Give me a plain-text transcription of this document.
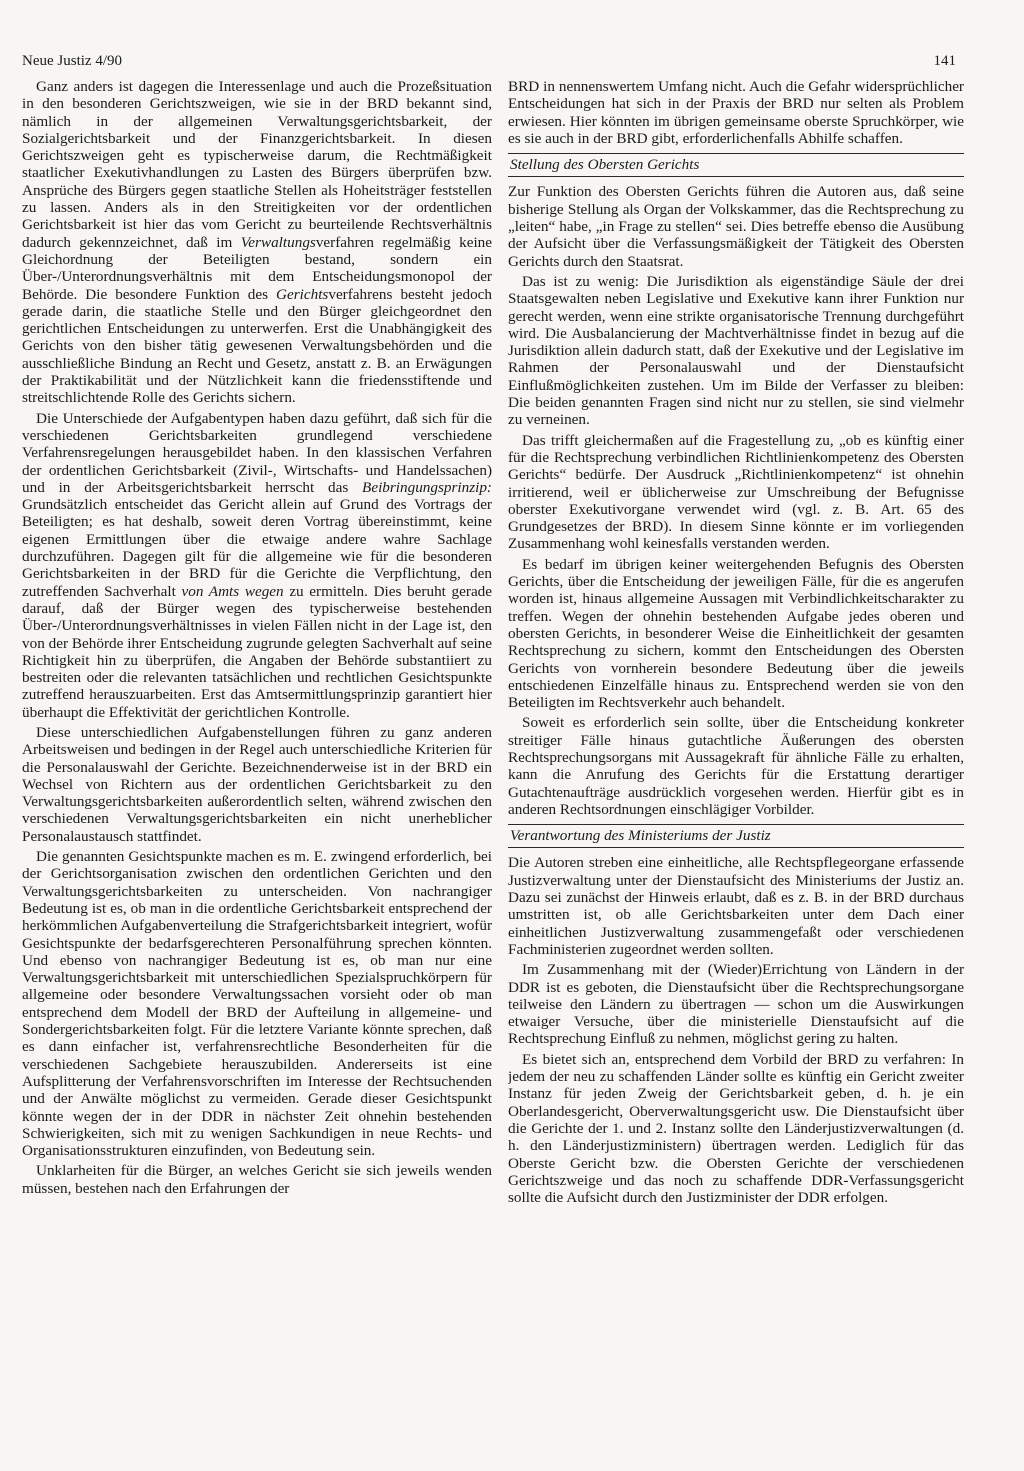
Neue Justiz 4/90	141

Ganz anders ist dagegen die Interessenlage und auch die Prozeßsituation in den besonderen Gerichtszweigen, wie sie in der BRD bekannt sind, nämlich in der allgemeinen Verwaltungsgerichtsbarkeit, der Sozialgerichtsbarkeit und der Finanzgerichtsbarkeit. In diesen Gerichtszweigen geht es typischerweise darum, die Rechtmäßigkeit staatlicher Exekutivhandlungen zu Lasten des Bürgers überprüfen bzw. Ansprüche des Bürgers gegen staatliche Stellen als Hoheitsträger feststellen zu lassen. Anders als in den Streitigkeiten vor der ordentlichen Gerichtsbarkeit ist hier das vom Gericht zu beurteilende Rechtsverhältnis dadurch gekennzeichnet, daß im Verwaltungsverfahren regelmäßig keine Gleichordnung der Beteiligten bestand, sondern ein Über-/Unterordnungsverhältnis mit dem Entscheidungsmonopol der Behörde. Die besondere Funktion des Gerichtsverfahrens besteht jedoch gerade darin, die staatliche Stelle und den Bürger gleichgeordnet den gerichtlichen Entscheidungen zu unterwerfen. Erst die Unabhängigkeit des Gerichts von den bisher tätig gewesenen Verwaltungsbehörden und die ausschließliche Bindung an Recht und Gesetz, anstatt z. B. an Erwägungen der Praktikabilität und der Nützlichkeit kann die friedensstiftende und streitschlichtende Rolle des Gerichts sichern.

Die Unterschiede der Aufgabentypen haben dazu geführt, daß sich für die verschiedenen Gerichtsbarkeiten grundlegend verschiedene Verfahrensregelungen herausgebildet haben. In den klassischen Verfahren der ordentlichen Gerichtsbarkeit (Zivil-, Wirtschafts- und Handelssachen) und in der Arbeitsgerichtsbarkeit herrscht das Beibringungsprinzip: Grundsätzlich entscheidet das Gericht allein auf Grund des Vortrags der Beteiligten; es hat deshalb, soweit deren Vortrag übereinstimmt, keine eigenen Ermittlungen über die etwaige andere wahre Sachlage durchzuführen. Dagegen gilt für die allgemeine wie für die besonderen Gerichtsbarkeiten in der BRD für die Gerichte die Verpflichtung, den zutreffenden Sachverhalt von Amts wegen zu ermitteln. Dies beruht gerade darauf, daß der Bürger wegen des typischerweise bestehenden Über-/Unterordnungsverhältnisses in vielen Fällen nicht in der Lage ist, den von der Behörde ihrer Entscheidung zugrunde gelegten Sachverhalt auf seine Richtigkeit hin zu überprüfen, die Angaben der Behörde substantiiert zu bestreiten oder die relevanten tatsächlichen und rechtlichen Gesichtspunkte zutreffend herauszuarbeiten. Erst das Amtsermittlungsprinzip garantiert hier überhaupt die Effektivität der gerichtlichen Kontrolle.

Diese unterschiedlichen Aufgabenstellungen führen zu ganz anderen Arbeitsweisen und bedingen in der Regel auch unterschiedliche Kriterien für die Personalauswahl der Gerichte. Bezeichnenderweise ist in der BRD ein Wechsel von Richtern aus der ordentlichen Gerichtsbarkeit zu den Verwaltungsgerichtsbarkeiten außerordentlich selten, während zwischen den verschiedenen Verwaltungsgerichtsbarkeiten ein nicht unerheblicher Personalaustausch stattfindet.

Die genannten Gesichtspunkte machen es m. E. zwingend erforderlich, bei der Gerichtsorganisation zwischen den ordentlichen Gerichten und den Verwaltungsgerichtsbarkeiten zu unterscheiden. Von nachrangiger Bedeutung ist es, ob man in die ordentliche Gerichtsbarkeit entsprechend der herkömmlichen Aufgabenverteilung die Strafgerichtsbarkeit integriert, wofür Gesichtspunkte der bedarfsgerechteren Personalführung sprechen könnten. Und ebenso von nachrangiger Bedeutung ist es, ob man nur eine Verwaltungsgerichtsbarkeit mit unterschiedlichen Spezialspruchkörpern für allgemeine oder besondere Verwaltungssachen vorsieht oder ob man entsprechend dem Modell der BRD der Aufteilung in allgemeine- und Sondergerichtsbarkeiten folgt. Für die letztere Variante könnte sprechen, daß es dann einfacher ist, verfahrensrechtliche Besonderheiten für die verschiedenen Sachgebiete herauszubilden. Andererseits ist eine Aufsplitterung der Verfahrensvorschriften im Interesse der Rechtsuchenden und der Anwälte möglichst zu vermeiden. Gerade dieser Gesichtspunkt könnte wegen der in der DDR in nächster Zeit ohnehin bestehenden Schwierigkeiten, sich mit zu wenigen Sachkundigen in neue Rechts- und Organisationsstrukturen einzufinden, von Bedeutung sein.

Unklarheiten für die Bürger, an welches Gericht sie sich jeweils wenden müssen, bestehen nach den Erfahrungen der

BRD in nennenswertem Umfang nicht. Auch die Gefahr widersprüchlicher Entscheidungen hat sich in der Praxis der BRD nur selten als Problem erwiesen. Hier könnten im übrigen gemeinsame oberste Spruchkörper, wie es sie auch in der BRD gibt, erforderlichenfalls Abhilfe schaffen.

Stellung des Obersten Gerichts

Zur Funktion des Obersten Gerichts führen die Autoren aus, daß seine bisherige Stellung als Organ der Volkskammer, das die Rechtsprechung zu „leiten“ habe, „in Frage zu stellen“ sei. Dies betreffe ebenso die Ausübung der Aufsicht über die Verfassungsmäßigkeit der Tätigkeit des Obersten Gerichts durch den Staatsrat.

Das ist zu wenig: Die Jurisdiktion als eigenständige Säule der drei Staatsgewalten neben Legislative und Exekutive kann ihrer Funktion nur gerecht werden, wenn eine strikte organisatorische Trennung durchgeführt wird. Die Ausbalancierung der Machtverhältnisse findet in bezug auf die Jurisdiktion allein dadurch statt, daß der Exekutive und der Legislative im Rahmen der Personalauswahl und der Dienstaufsicht Einflußmöglichkeiten zustehen. Um im Bilde der Verfasser zu bleiben: Die beiden genannten Fragen sind nicht nur zu stellen, sie sind vielmehr zu verneinen.

Das trifft gleichermaßen auf die Fragestellung zu, „ob es künftig einer für die Rechtsprechung verbindlichen Richtlinienkompetenz des Obersten Gerichts“ bedürfe. Der Ausdruck „Richtlinienkompetenz“ ist ohnehin irritierend, weil er üblicherweise zur Umschreibung der Befugnisse oberster Exekutivorgane verwendet wird (vgl. z. B. Art. 65 des Grundgesetzes der BRD). In diesem Sinne könnte er im vorliegenden Zusammenhang wohl keinesfalls verstanden werden.

Es bedarf im übrigen keiner weitergehenden Befugnis des Obersten Gerichts, über die Entscheidung der jeweiligen Fälle, für die es angerufen worden ist, hinaus allgemeine Aussagen mit Verbindlichkeitscharakter zu treffen. Wegen der ohnehin bestehenden Aufgabe jedes oberen und obersten Gerichts, in besonderer Weise die Einheitlichkeit der gesamten Rechtsprechung zu sichern, kommt den Entscheidungen des Obersten Gerichts von vornherein besondere Bedeutung über die jeweils entschiedenen Einzelfälle hinaus zu. Entsprechend werden sie von den Beteiligten im Rechtsverkehr auch behandelt.

Soweit es erforderlich sein sollte, über die Entscheidung konkreter streitiger Fälle hinaus gutachtliche Äußerungen des obersten Rechtsprechungsorgans mit Aussagekraft für ähnliche Fälle zu erhalten, kann die Anrufung des Gerichts für die Erstattung derartiger Gutachtenaufträge ausdrücklich vorgesehen werden. Hierfür gibt es in anderen Rechtsordnungen einschlägiger Vorbilder.

Verantwortung des Ministeriums der Justiz

Die Autoren streben eine einheitliche, alle Rechtspflegeorgane erfassende Justizverwaltung unter der Dienstaufsicht des Ministeriums der Justiz an. Dazu sei zunächst der Hinweis erlaubt, daß es z. B. in der BRD durchaus umstritten ist, ob alle Gerichtsbarkeiten unter dem Dach einer einheitlichen Justizverwaltung zusammengefaßt oder verschiedenen Fachministerien zugeordnet werden sollten.

Im Zusammenhang mit der (Wieder)Errichtung von Ländern in der DDR ist es geboten, die Dienstaufsicht über die Rechtsprechungsorgane teilweise den Ländern zu übertragen — schon um die Auswirkungen etwaiger Versuche, über die ministerielle Dienstaufsicht auf die Rechtsprechung Einfluß zu nehmen, möglichst gering zu halten.

Es bietet sich an, entsprechend dem Vorbild der BRD zu verfahren: In jedem der neu zu schaffenden Länder sollte es künftig ein Gericht zweiter Instanz für jeden Zweig der Gerichtsbarkeit geben, d. h. je ein Oberlandesgericht, Oberverwaltungsgericht usw. Die Dienstaufsicht über die Gerichte der 1. und 2. Instanz sollte den Länderjustizverwaltungen (d. h. den Länderjustizministern) übertragen werden. Lediglich für das Oberste Gericht bzw. die Obersten Gerichte der verschiedenen Gerichtszweige und das noch zu schaffende DDR-Verfassungsgericht sollte die Aufsicht durch den Justizminister der DDR erfolgen.
